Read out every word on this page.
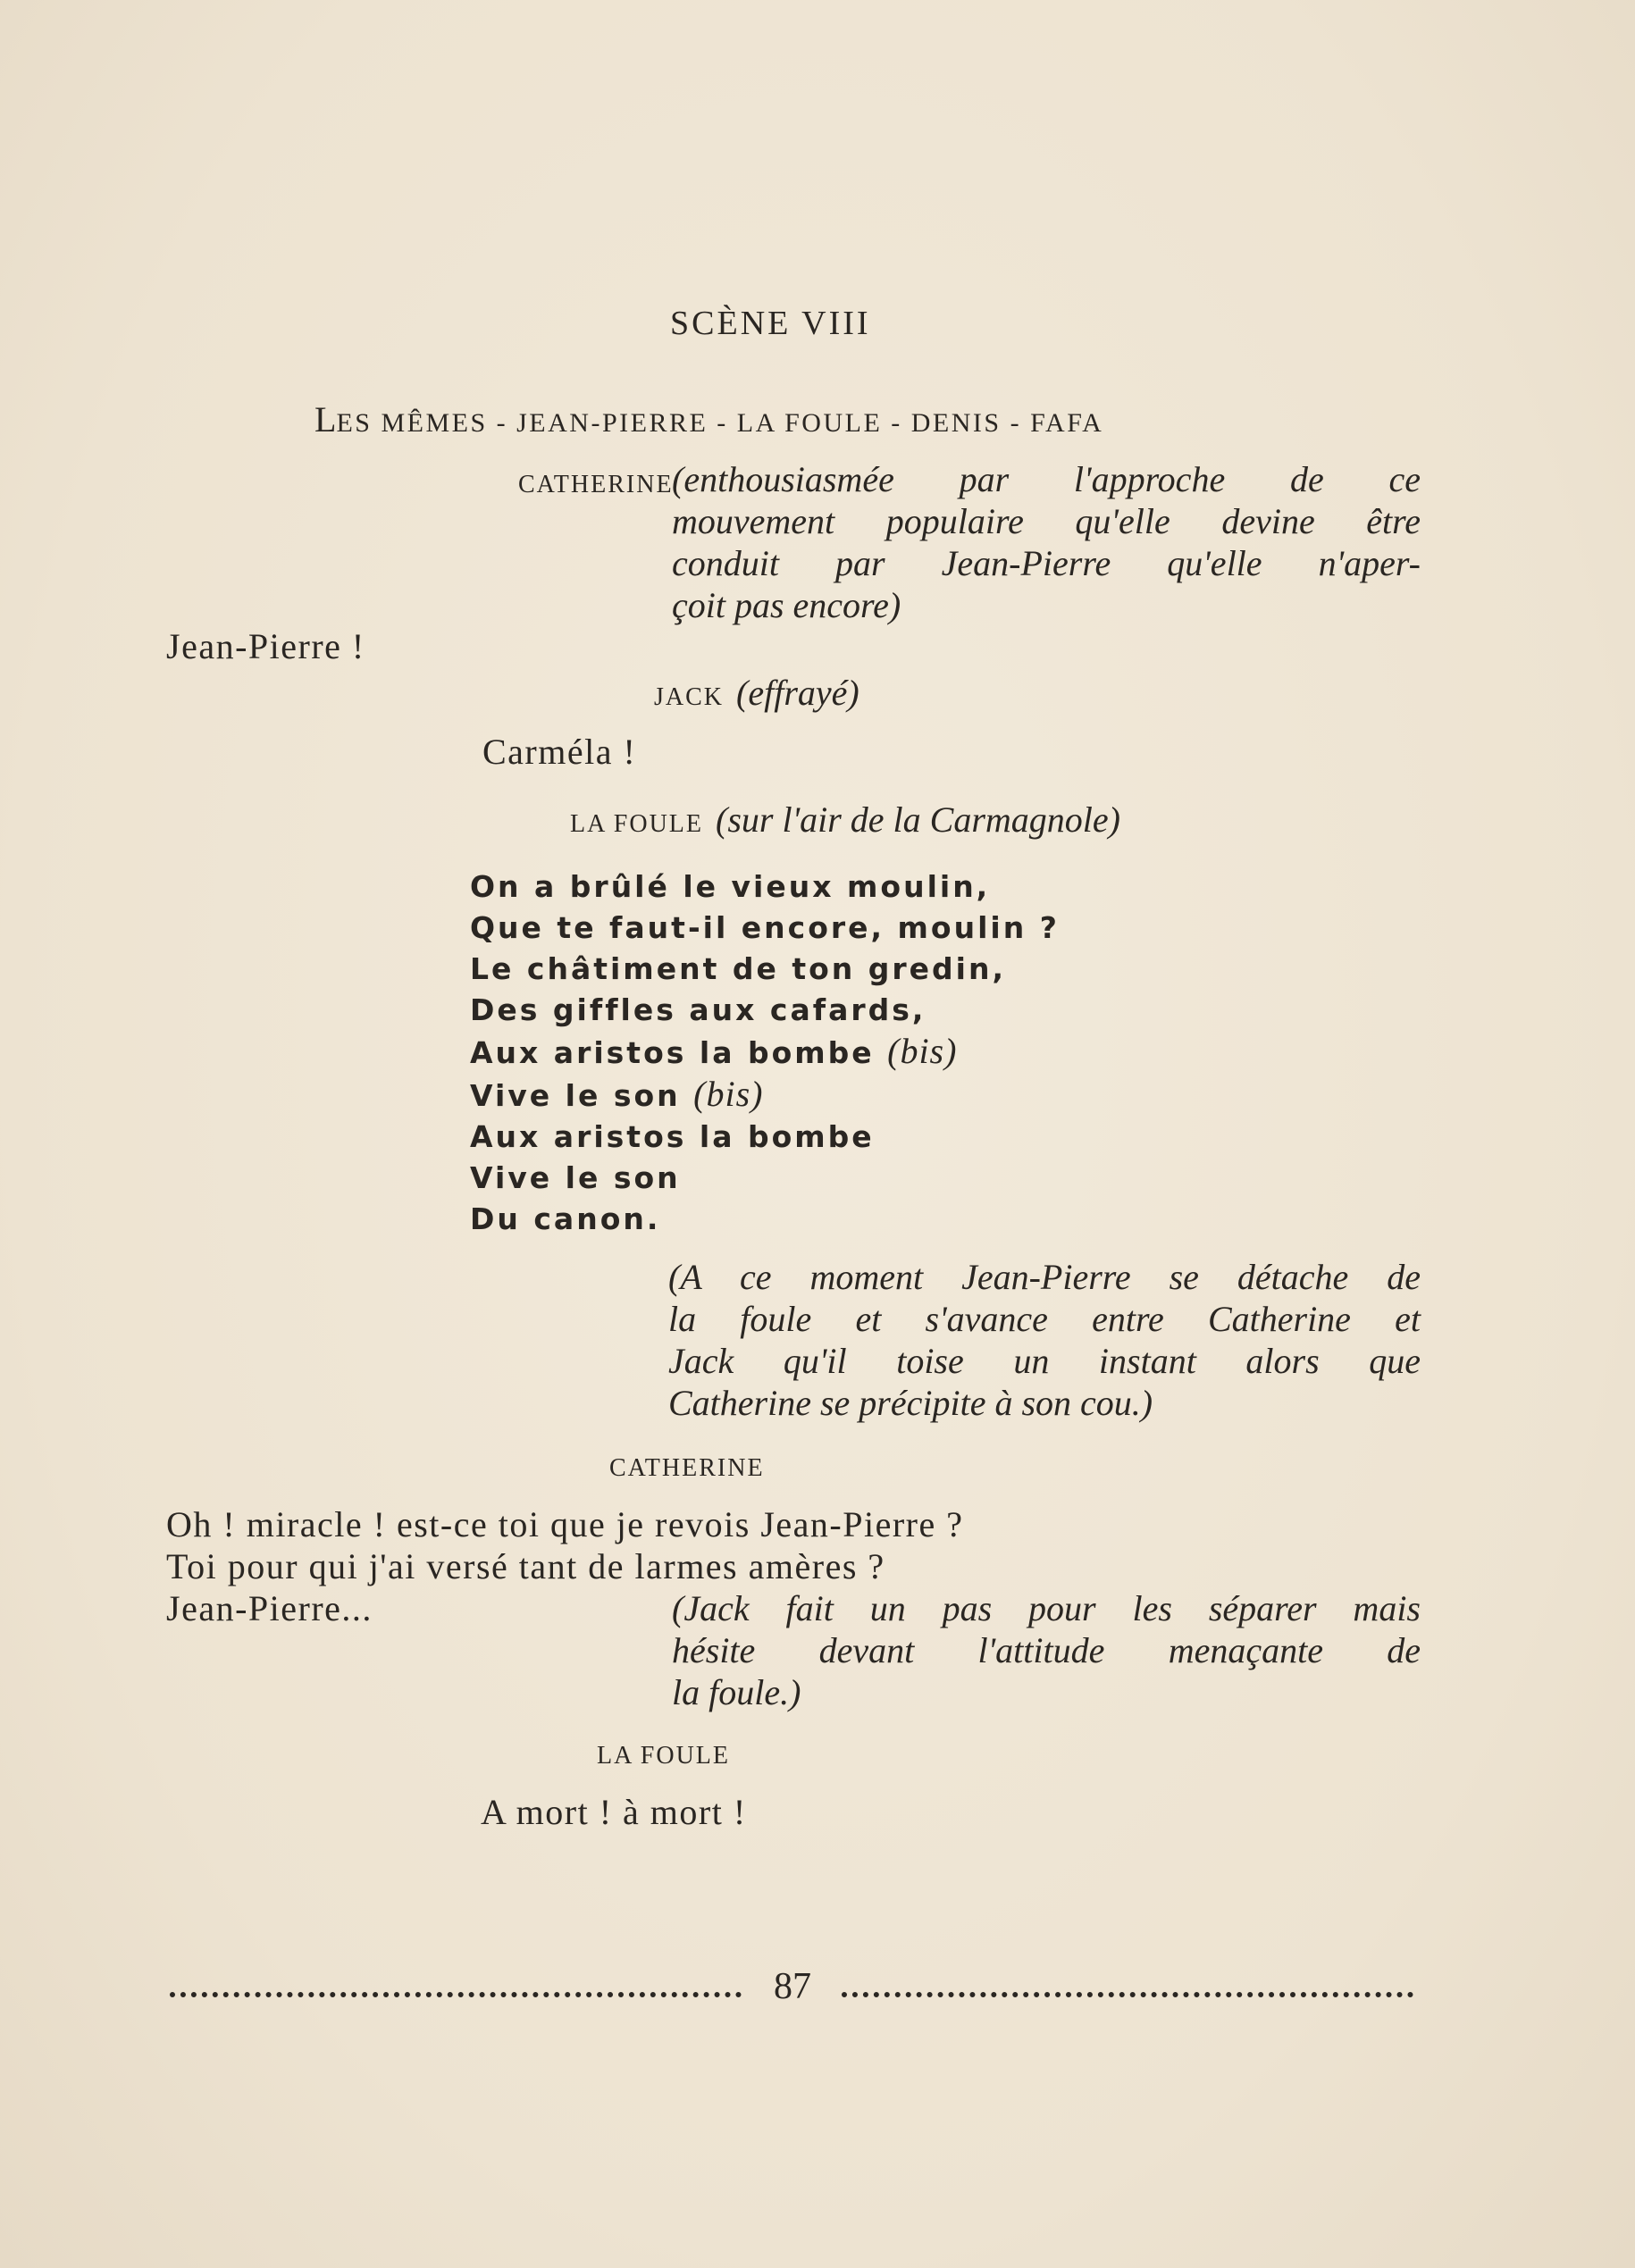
SCÈNE VIII
LES MÊMES - JEAN-PIERRE - LA FOULE - DENIS - FAFA
CATHERINE
(enthousiasmée par l'approche de ce
mouvement populaire qu'elle devine être
conduit par Jean-Pierre qu'elle n'aper-
çoit pas encore)
Jean-Pierre !
JACK (effrayé)
Carméla !
LA FOULE (sur l'air de la Carmagnole)
On a brûlé le vieux moulin,
Que te faut-il encore, moulin ?
Le châtiment de ton gredin,
Des giffles aux cafards,
Aux aristos la bombe (bis)
Vive le son (bis)
Aux aristos la bombe
Vive le son
Du canon.
(A ce moment Jean-Pierre se détache de
la foule et s'avance entre Catherine et
Jack qu'il toise un instant alors que
Catherine se précipite à son cou.)
CATHERINE
Oh ! miracle ! est-ce toi que je revois Jean-Pierre ?
Toi pour qui j'ai versé tant de larmes amères ?
Jean-Pierre...	(Jack fait un pas pour les séparer mais
hésite devant l'attitude menaçante de
la foule.)
LA FOULE
A mort ! à mort !
87
